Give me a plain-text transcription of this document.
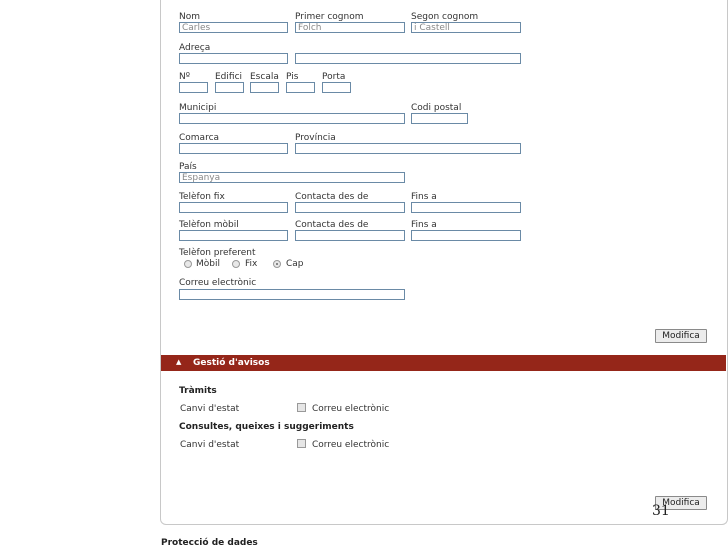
Nom
Carles
Primer cognom
Folch
Segon cognom
i Castell
Adreça
Nº	Edifici Escala Pis	Porta
Municipi	Codi postal
Comarca	Província
País
Espanya
Telèfon fix	Contacta des de	Fins a
Telèfon mòbil	Contacta des de	Fins a
Telèfon preferent
Mòbil	Fix	Cap
Correu electrònic
Modifica
▲ Gestió d'avisos
Tràmits
Canvi d'estat	Correu electrònic
Consultes, queixes i suggeriments
Canvi d'estat	Correu electrònic
Modifica
31
Protecció de dades
